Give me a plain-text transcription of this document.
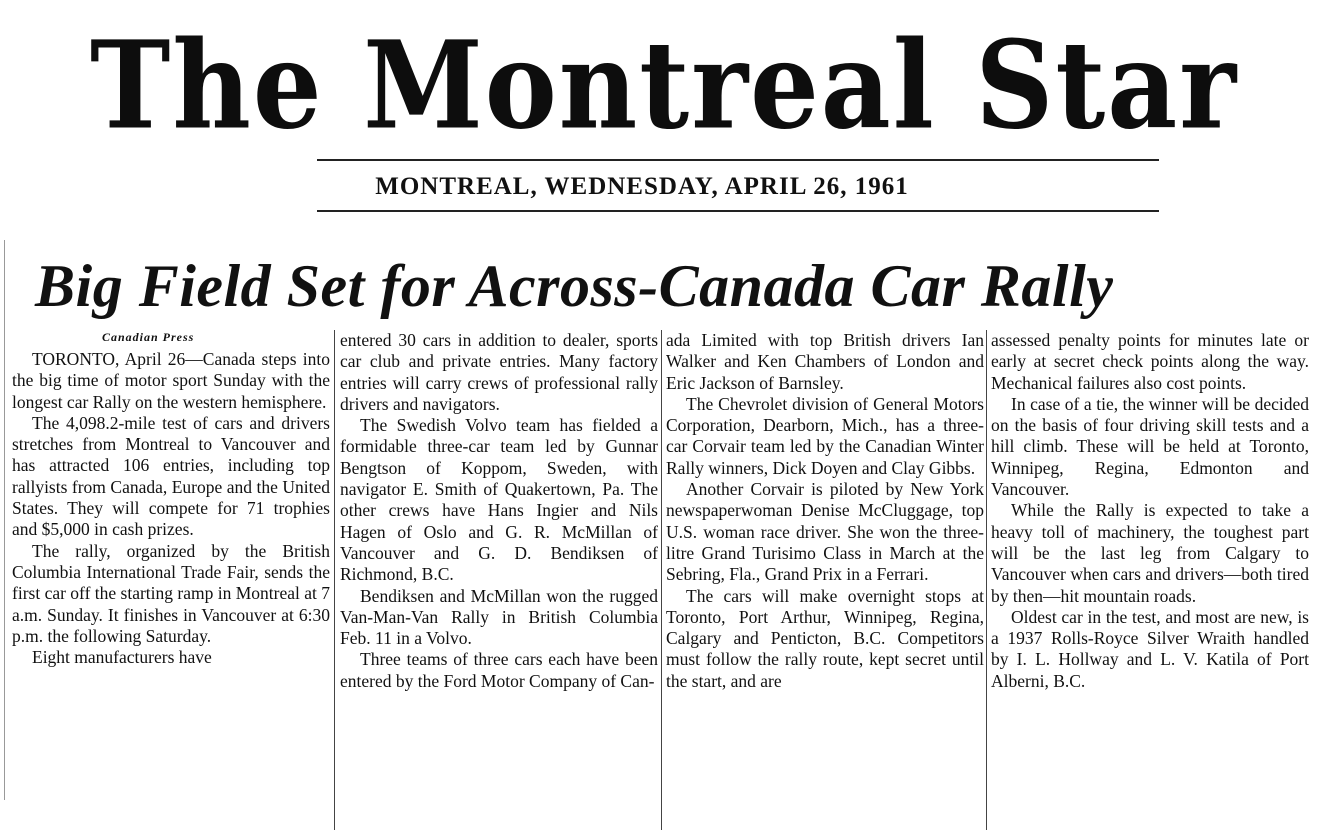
The Montreal Star
MONTREAL, WEDNESDAY, APRIL 26, 1961
Big Field Set for Across-Canada Car Rally
Canadian Press

TORONTO, April 26—Canada steps into the big time of motor sport Sunday with the longest car Rally on the western hemisphere.

The 4,098.2-mile test of cars and drivers stretches from Montreal to Vancouver and has attracted 106 entries, including top rallyists from Canada, Europe and the United States. They will compete for 71 trophies and $5,000 in cash prizes.

The rally, organized by the British Columbia International Trade Fair, sends the first car off the starting ramp in Montreal at 7 a.m. Sunday. It finishes in Vancouver at 6:30 p.m. the following Saturday.

Eight manufacturers have

entered 30 cars in addition to dealer, sports car club and private entries. Many factory entries will carry crews of professional rally drivers and navigators.

The Swedish Volvo team has fielded a formidable three-car team led by Gunnar Bengtson of Koppom, Sweden, with navigator E. Smith of Quakertown, Pa. The other crews have Hans Ingier and Nils Hagen of Oslo and G. R. McMillan of Vancouver and G. D. Bendiksen of Richmond, B.C.

Bendiksen and McMillan won the rugged Van-Man-Van Rally in British Columbia Feb. 11 in a Volvo.

Three teams of three cars each have been entered by the Ford Motor Company of Can-

ada Limited with top British drivers Ian Walker and Ken Chambers of London and Eric Jackson of Barnsley.

The Chevrolet division of General Motors Corporation, Dearborn, Mich., has a three-car Corvair team led by the Canadian Winter Rally winners, Dick Doyen and Clay Gibbs.

Another Corvair is piloted by New York newspaperwoman Denise McCluggage, top U.S. woman race driver. She won the three-litre Grand Turisimo Class in March at the Sebring, Fla., Grand Prix in a Ferrari.

The cars will make overnight stops at Toronto, Port Arthur, Winnipeg, Regina, Calgary and Penticton, B.C. Competitors must follow the rally route, kept secret until the start, and are

assessed penalty points for minutes late or early at secret check points along the way. Mechanical failures also cost points.

In case of a tie, the winner will be decided on the basis of four driving skill tests and a hill climb. These will be held at Toronto, Winnipeg, Regina, Edmonton and Vancouver.

While the Rally is expected to take a heavy toll of machinery, the toughest part will be the last leg from Calgary to Vancouver when cars and drivers—both tired by then—hit mountain roads.

Oldest car in the test, and most are new, is a 1937 Rolls-Royce Silver Wraith handled by I. L. Hollway and L. V. Katila of Port Alberni, B.C.
